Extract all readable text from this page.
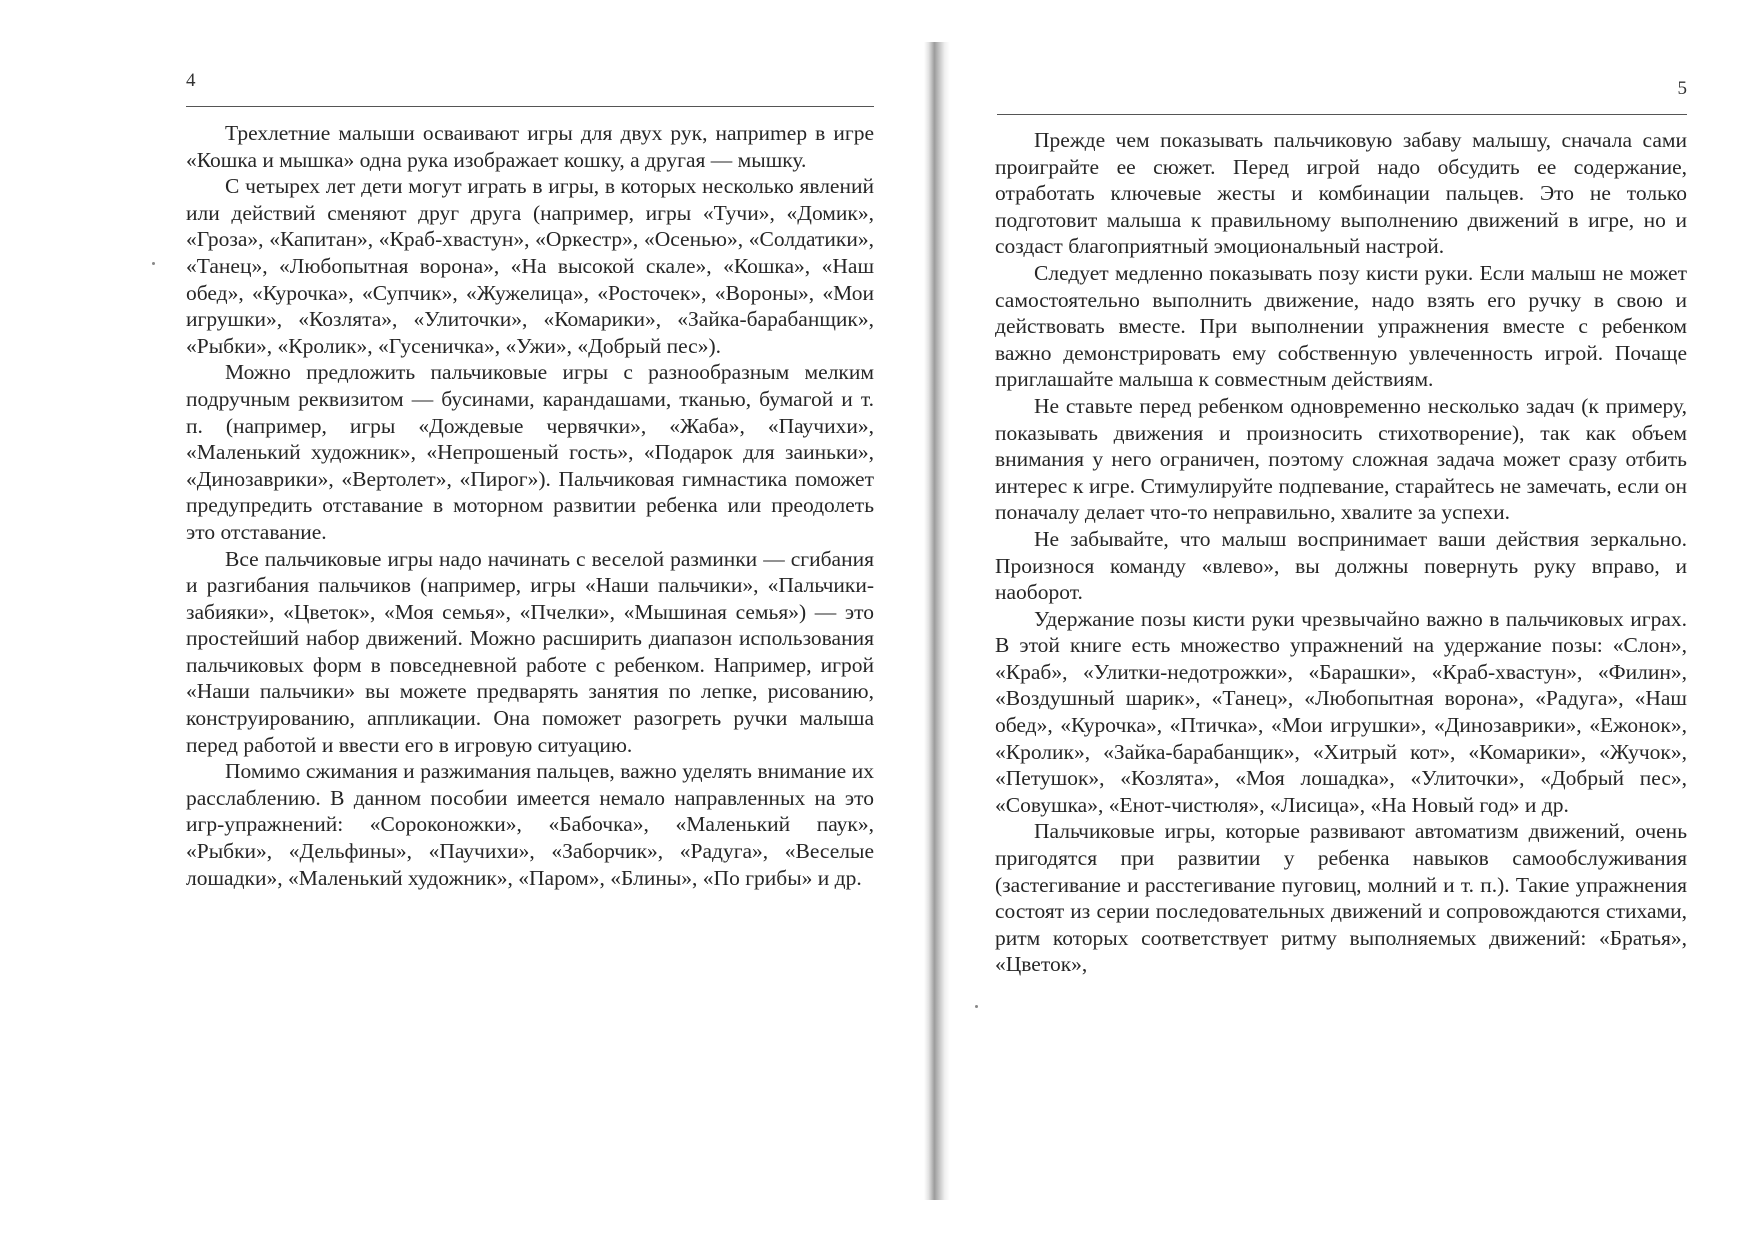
4

Трехлетние малыши осваивают игры для двух рук, наприmер в игре «Кошка и мышка» одна рука изображает кошку, а другая — мышку.

С четырех лет дети могут играть в игры, в которых несколько явлений или действий сменяют друг друга (например, игры «Тучи», «Домик», «Гроза», «Капитан», «Краб-хвастун», «Оркестр», «Осенью», «Солдатики», «Танец», «Любопытная ворона», «На высокой скале», «Кошка», «Наш обед», «Курочка», «Супчик», «Жужелица», «Росточек», «Вороны», «Мои игрушки», «Козлята», «Улиточки», «Комарики», «Зайка-барабанщик», «Рыбки», «Кролик», «Гусеничка», «Ужи», «Добрый пес»).

Можно предложить пальчиковые игры с разнообразным мелким подручным реквизитом — бусинами, карандашами, тканью, бумагой и т. п. (например, игры «Дождевые червячки», «Жаба», «Паучихи», «Маленький художник», «Непрошеный гость», «Подарок для заиньки», «Динозаврики», «Вертолет», «Пирог»). Пальчиковая гимнастика поможет предупредить отставание в моторном развитии ребенка или преодолеть это отставание.

Все пальчиковые игры надо начинать с веселой разминки — сгибания и разгибания пальчиков (например, игры «Наши пальчики», «Пальчики-забияки», «Цветок», «Моя семья», «Пчелки», «Мышиная семья») — это простейший набор движений. Можно расширить диапазон использования пальчиковых форм в повседневной работе с ребенком. Например, игрой «Наши пальчики» вы можете предварять занятия по лепке, рисованию, конструированию, аппликации. Она поможет разогреть ручки малыша перед работой и ввести его в игровую ситуацию.

Помимо сжимания и разжимания пальцев, важно уделять внимание их расслаблению. В данном пособии имеется немало направленных на это игр-упражнений: «Сороконожки», «Бабочка», «Маленький паук», «Рыбки», «Дельфины», «Паучихи», «Заборчик», «Радуга», «Веселые лошадки», «Маленький художник», «Паром», «Блины», «По грибы» и др.

5

Прежде чем показывать пальчиковую забаву малышу, сначала сами проиграйте ее сюжет. Перед игрой надо обсудить ее содержание, отработать ключевые жесты и комбинации пальцев. Это не только подготовит малыша к правильному выполнению движений в игре, но и создаст благоприятный эмоциональный настрой.

Следует медленно показывать позу кисти руки. Если малыш не может самостоятельно выполнить движение, надо взять его ручку в свою и действовать вместе. При выполнении упражнения вместе с ребенком важно демонстрировать ему собственную увлеченность игрой. Почаще приглашайте малыша к совместным действиям.

Не ставьте перед ребенком одновременно несколько задач (к примеру, показывать движения и произносить стихотворение), так как объем внимания у него ограничен, поэтому сложная задача может сразу отбить интерес к игре. Стимулируйте подпевание, старайтесь не замечать, если он поначалу делает что-то неправильно, хвалите за успехи.

Не забывайте, что малыш воспринимает ваши действия зеркально. Произнося команду «влево», вы должны повернуть руку вправо, и наоборот.

Удержание позы кисти руки чрезвычайно важно в пальчиковых играх. В этой книге есть множество упражнений на удержание позы: «Слон», «Краб», «Улитки-недотрожки», «Барашки», «Краб-хвастун», «Филин», «Воздушный шарик», «Танец», «Любопытная ворона», «Радуга», «Наш обед», «Курочка», «Птичка», «Мои игрушки», «Динозаврики», «Ежонок», «Кролик», «Зайка-барабанщик», «Хитрый кот», «Комарики», «Жучок», «Петушок», «Козлята», «Моя лошадка», «Улиточки», «Добрый пес», «Совушка», «Енот-чистюля», «Лисица», «На Новый год» и др.

Пальчиковые игры, которые развивают автоматизм движений, очень пригодятся при развитии у ребенка навыков самообслуживания (застегивание и расстегивание пуговиц, молний и т. п.). Такие упражнения состоят из серии последовательных движений и сопровождаются стихами, ритм которых соответствует ритму выполняемых движений: «Братья», «Цветок»,
